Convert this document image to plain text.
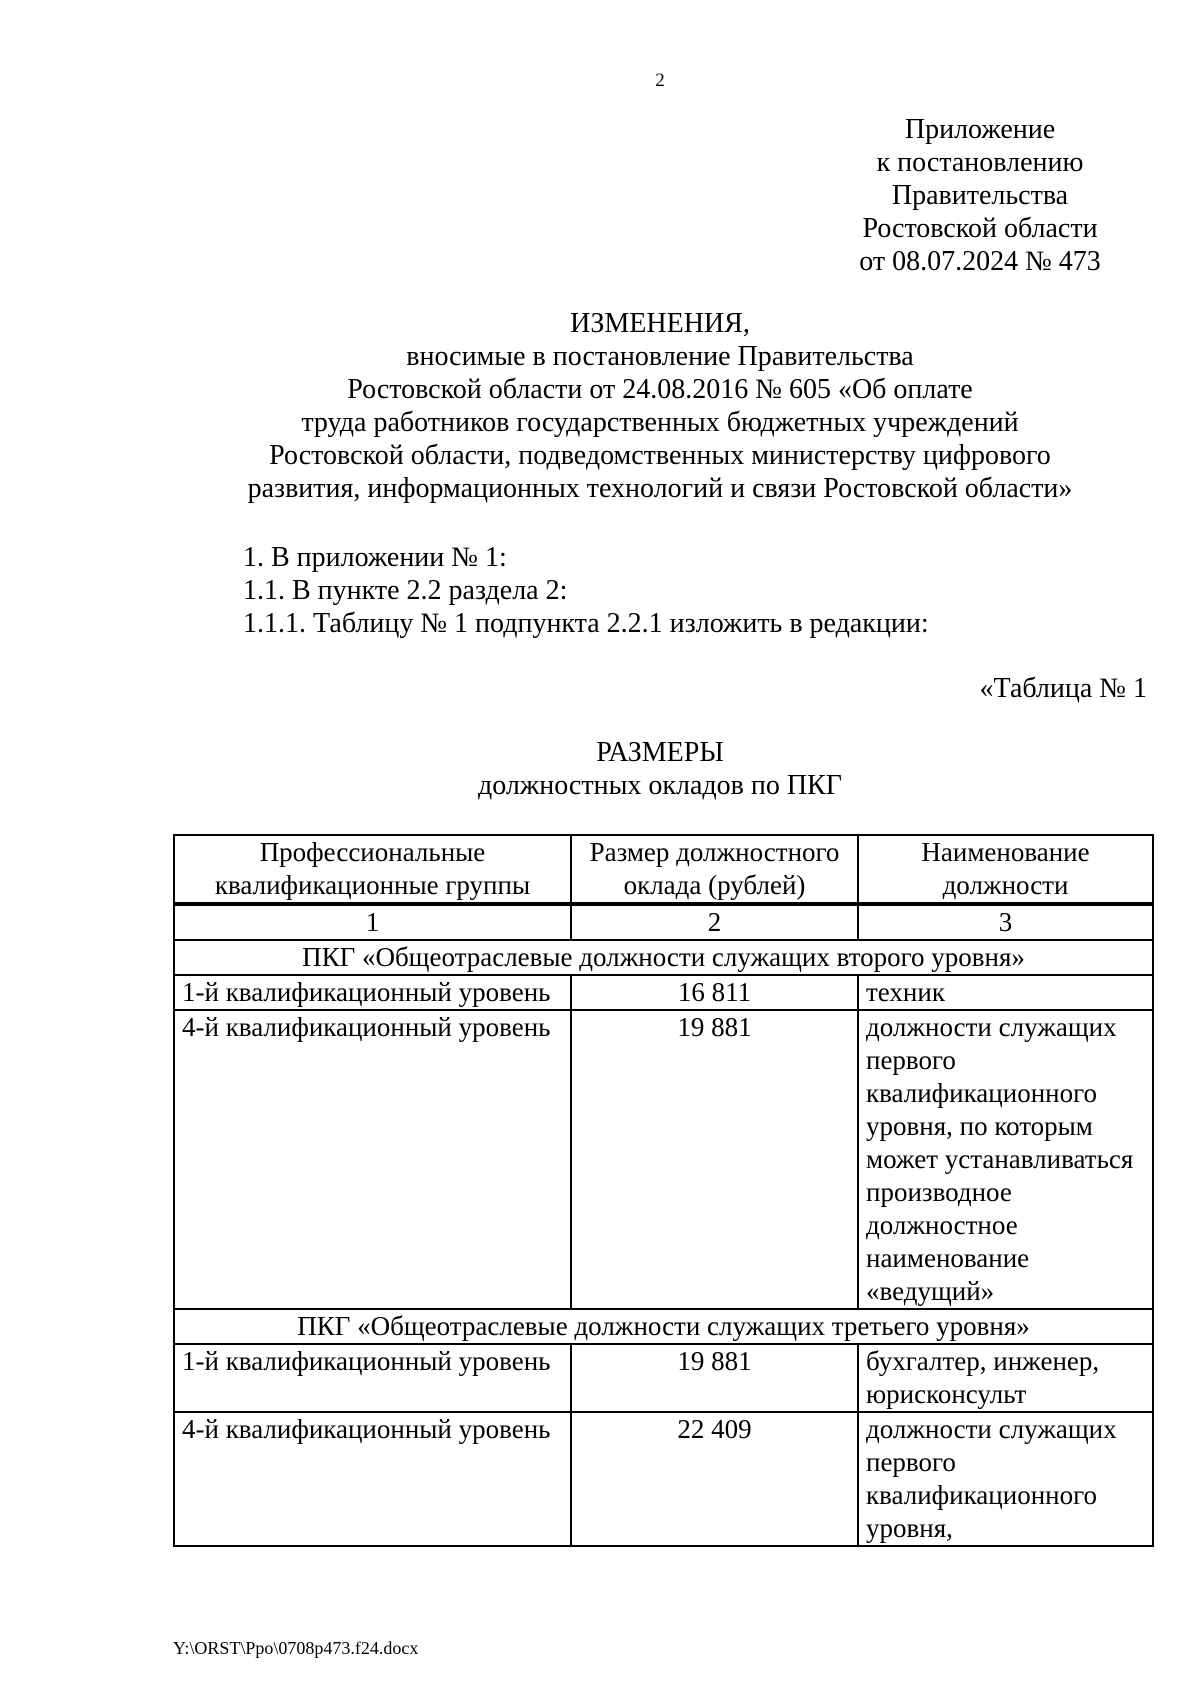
2
Приложение
к постановлению
Правительства
Ростовской области
от 08.07.2024 № 473
ИЗМЕНЕНИЯ,
вносимые в постановление Правительства
Ростовской области от 24.08.2016 № 605 «Об оплате
труда работников государственных бюджетных учреждений
Ростовской области, подведомственных министерству цифрового
развития, информационных технологий и связи Ростовской области»
1. В приложении № 1:
1.1. В пункте 2.2 раздела 2:
1.1.1. Таблицу № 1 подпункта 2.2.1 изложить в редакции:
«Таблица № 1
РАЗМЕРЫ
должностных окладов по ПКГ
Профессиональные квалификационные группы	Размер должностного оклада (рублей)	Наименование должности
1	2	3
ПКГ «Общеотраслевые должности служащих второго уровня»		
1-й квалификационный уровень	16 811	техник
4-й квалификационный уровень	19 881	должности служащих первого квалификационного уровня, по которым может устанавливаться производное должностное наименование «ведущий»
ПКГ «Общеотраслевые должности служащих третьего уровня»		
1-й квалификационный уровень	19 881	бухгалтер, инженер, юрисконсульт
4-й квалификационный уровень	22 409	должности служащих первого квалификационного уровня,
Y:\ORST\Ppo\0708p473.f24.docx
